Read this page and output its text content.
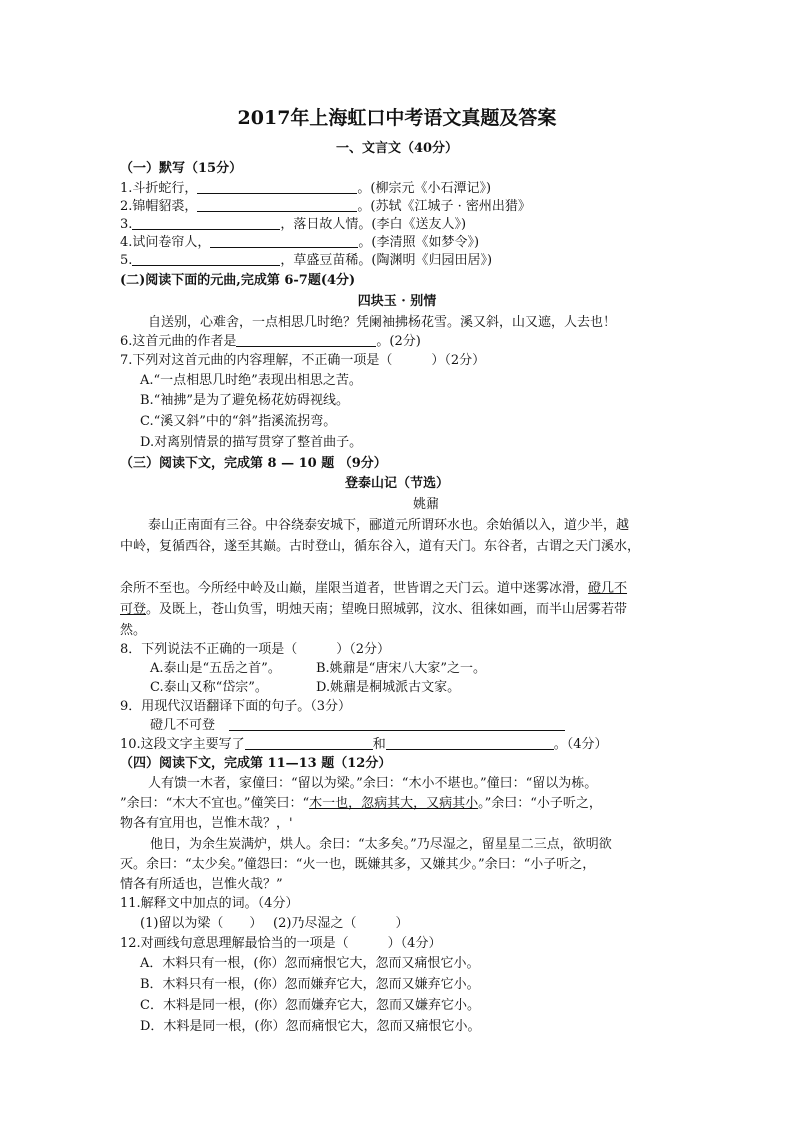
2017年上海虹口中考语文真题及答案
一、文言文（40分）
（一）默写（15分）
1.斗折蛇行，	。(柳宗元《小石潭记》)
2.锦帽貂裘，	。(苏轼《江城子 · 密州出猎》
3.	，落日故人情。(李白《送友人》)
4.试问卷帘人，	。(李清照《如梦令》)
5.	，草盛豆苗稀。(陶渊明《归园田居》)
(二)阅读下面的元曲,完成第 6-7题(4分)
四块玉 · 别情
自送别，心难舍，一点相思几时绝？凭阑袖拂杨花雪。溪又斜，山又遮，人去也！
6.这首元曲的作者是	。(2分)
7.下列对这首元曲的内容理解，不正确一项是（　　　）（2分）
A.“一点相思几时绝”表现出相思之苦。
B.“袖拂”是为了避免杨花妨碍视线。
C.“溪又斜”中的“斜”指溪流拐弯。
D.对离别情景的描写贯穿了整首曲子。
（三）阅读下文，完成第 8 — 10 题 （9分）
登泰山记（节选）
姚鼐
泰山正南面有三谷。中谷绕泰安城下，郦道元所谓环水也。余始循以入，道少半，越
中岭，复循西谷，遂至其巅。古时登山，循东谷入，道有天门。东谷者，古谓之天门溪水，
余所不至也。今所经中岭及山巅，崖限当道者，世皆谓之天门云。道中迷雾冰滑，磴几不
可登。及既上，苍山负雪，明烛天南；望晚日照城郭，汶水、徂徕如画，而半山居雾若带
然。
8．下列说法不正确的一项是（　　　）（2分）
A.泰山是“五岳之首”。	B.姚鼐是“唐宋八大家”之一。
C.泰山又称“岱宗”。	D.姚鼐是桐城派古文家。
9．用现代汉语翻译下面的句子。（3分）
磴几不可登
10.这段文字主要写了	和	。（4分）
（四）阅读下文，完成第 11—13 题（12分）
人有馈一木者，家僮曰：“留以为梁。”余曰：“木小不堪也。”僮曰：“留以为栋。
”余曰：“木大不宜也。”僮笑曰：“木一也，忽病其大，又病其小。”余曰：“小子听之，
物各有宜用也，岂惟木哉？，'
他日，为余生炭满炉，烘人。余曰：“太多矣。”乃尽湿之，留星星二三点，欲明欲
灭。余曰：“太少矣。”僮怨曰：“火一也，既嫌其多，又嫌其少。”余曰：“小子听之，
情各有所适也，岂惟火哉？”
11.解释文中加点的词。（4分）
(1)留以为梁（　　）　 (2)乃尽湿之（　　　）
12.对画线句意思理解最恰当的一项是（　　　）（4分）
A．木料只有一根，(你）忽而痛恨它大，忽而又痛恨它小。
B．木料只有一根，(你）忽而嫌弃它大，忽而又嫌弃它小。
C．木料是同一根，(你）忽而嫌弃它大，忽而又嫌弃它小。
D．木料是同一根，(你）忽而痛恨它大，忽而又痛恨它小。
